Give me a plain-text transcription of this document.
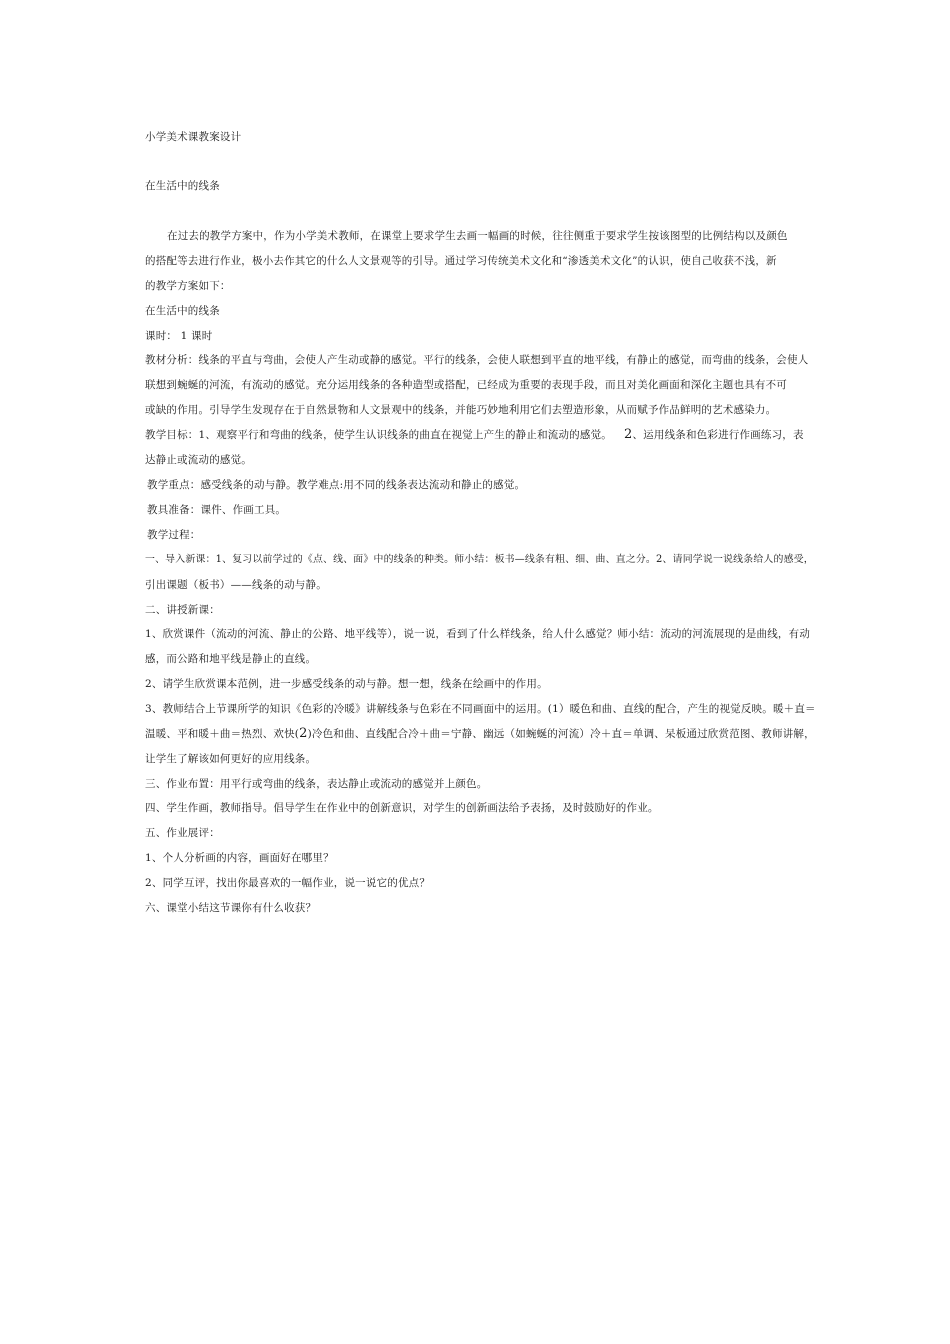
小学美术课教案设计
在生活中的线条
在过去的教学方案中，作为小学美术教师，在课堂上要求学生去画一幅画的时候，往往侧重于要求学生按该图型的比例结构以及颜色
的搭配等去进行作业，极小去作其它的什么人文景观等的引导。通过学习传统美术文化和“渗透美术文化”的认识，使自己收获不浅，新
的教学方案如下：
在生活中的线条
课时： 1 课时
教材分析：线条的平直与弯曲，会使人产生动或静的感觉。平行的线条，会使人联想到平直的地平线，有静止的感觉，而弯曲的线条，会使人
联想到蜿蜒的河流，有流动的感觉。充分运用线条的各种造型或搭配，已经成为重要的表现手段，而且对美化画面和深化主题也具有不可
或缺的作用。引导学生发现存在于自然景物和人文景观中的线条，并能巧妙地利用它们去塑造形象，从而赋予作品鲜明的艺术感染力。
教学目标：1、观察平行和弯曲的线条，使学生认识线条的曲直在视觉上产生的静止和流动的感觉。 2、运用线条和色彩进行作画练习，表
达静止或流动的感觉。
教学重点：感受线条的动与静。教学难点:用不同的线条表达流动和静止的感觉。
教具准备：课件、作画工具。
教学过程：
一、导入新课：1、复习以前学过的《点、线、面》中的线条的种类。师小结：板书—线条有粗、细、曲、直之分。2、请同学说一说线条给人的感受，
引出课题（板书）——线条的动与静。
二、讲授新课：
1、欣赏课件（流动的河流、静止的公路、地平线等），说一说，看到了什么样线条，给人什么感觉？师小结：流动的河流展现的是曲线，有动
感，而公路和地平线是静止的直线。
2、请学生欣赏课本范例，进一步感受线条的动与静。想一想，线条在绘画中的作用。
3、教师结合上节课所学的知识《色彩的冷暖》讲解线条与色彩在不同画面中的运用。(1）暖色和曲、直线的配合，产生的视觉反映。暖＋直＝
温暖、平和暖＋曲＝热烈、欢快(2)冷色和曲、直线配合冷＋曲＝宁静、幽远（如蜿蜒的河流）冷＋直＝单调、呆板通过欣赏范图、教师讲解，
让学生了解该如何更好的应用线条。
三、作业布置：用平行或弯曲的线条，表达静止或流动的感觉并上颜色。
四、学生作画，教师指导。倡导学生在作业中的创新意识，对学生的创新画法给予表扬，及时鼓励好的作业。
五、作业展评：
1、个人分析画的内容，画面好在哪里？
2、同学互评，找出你最喜欢的一幅作业，说一说它的优点？
六、课堂小结这节课你有什么收获？
